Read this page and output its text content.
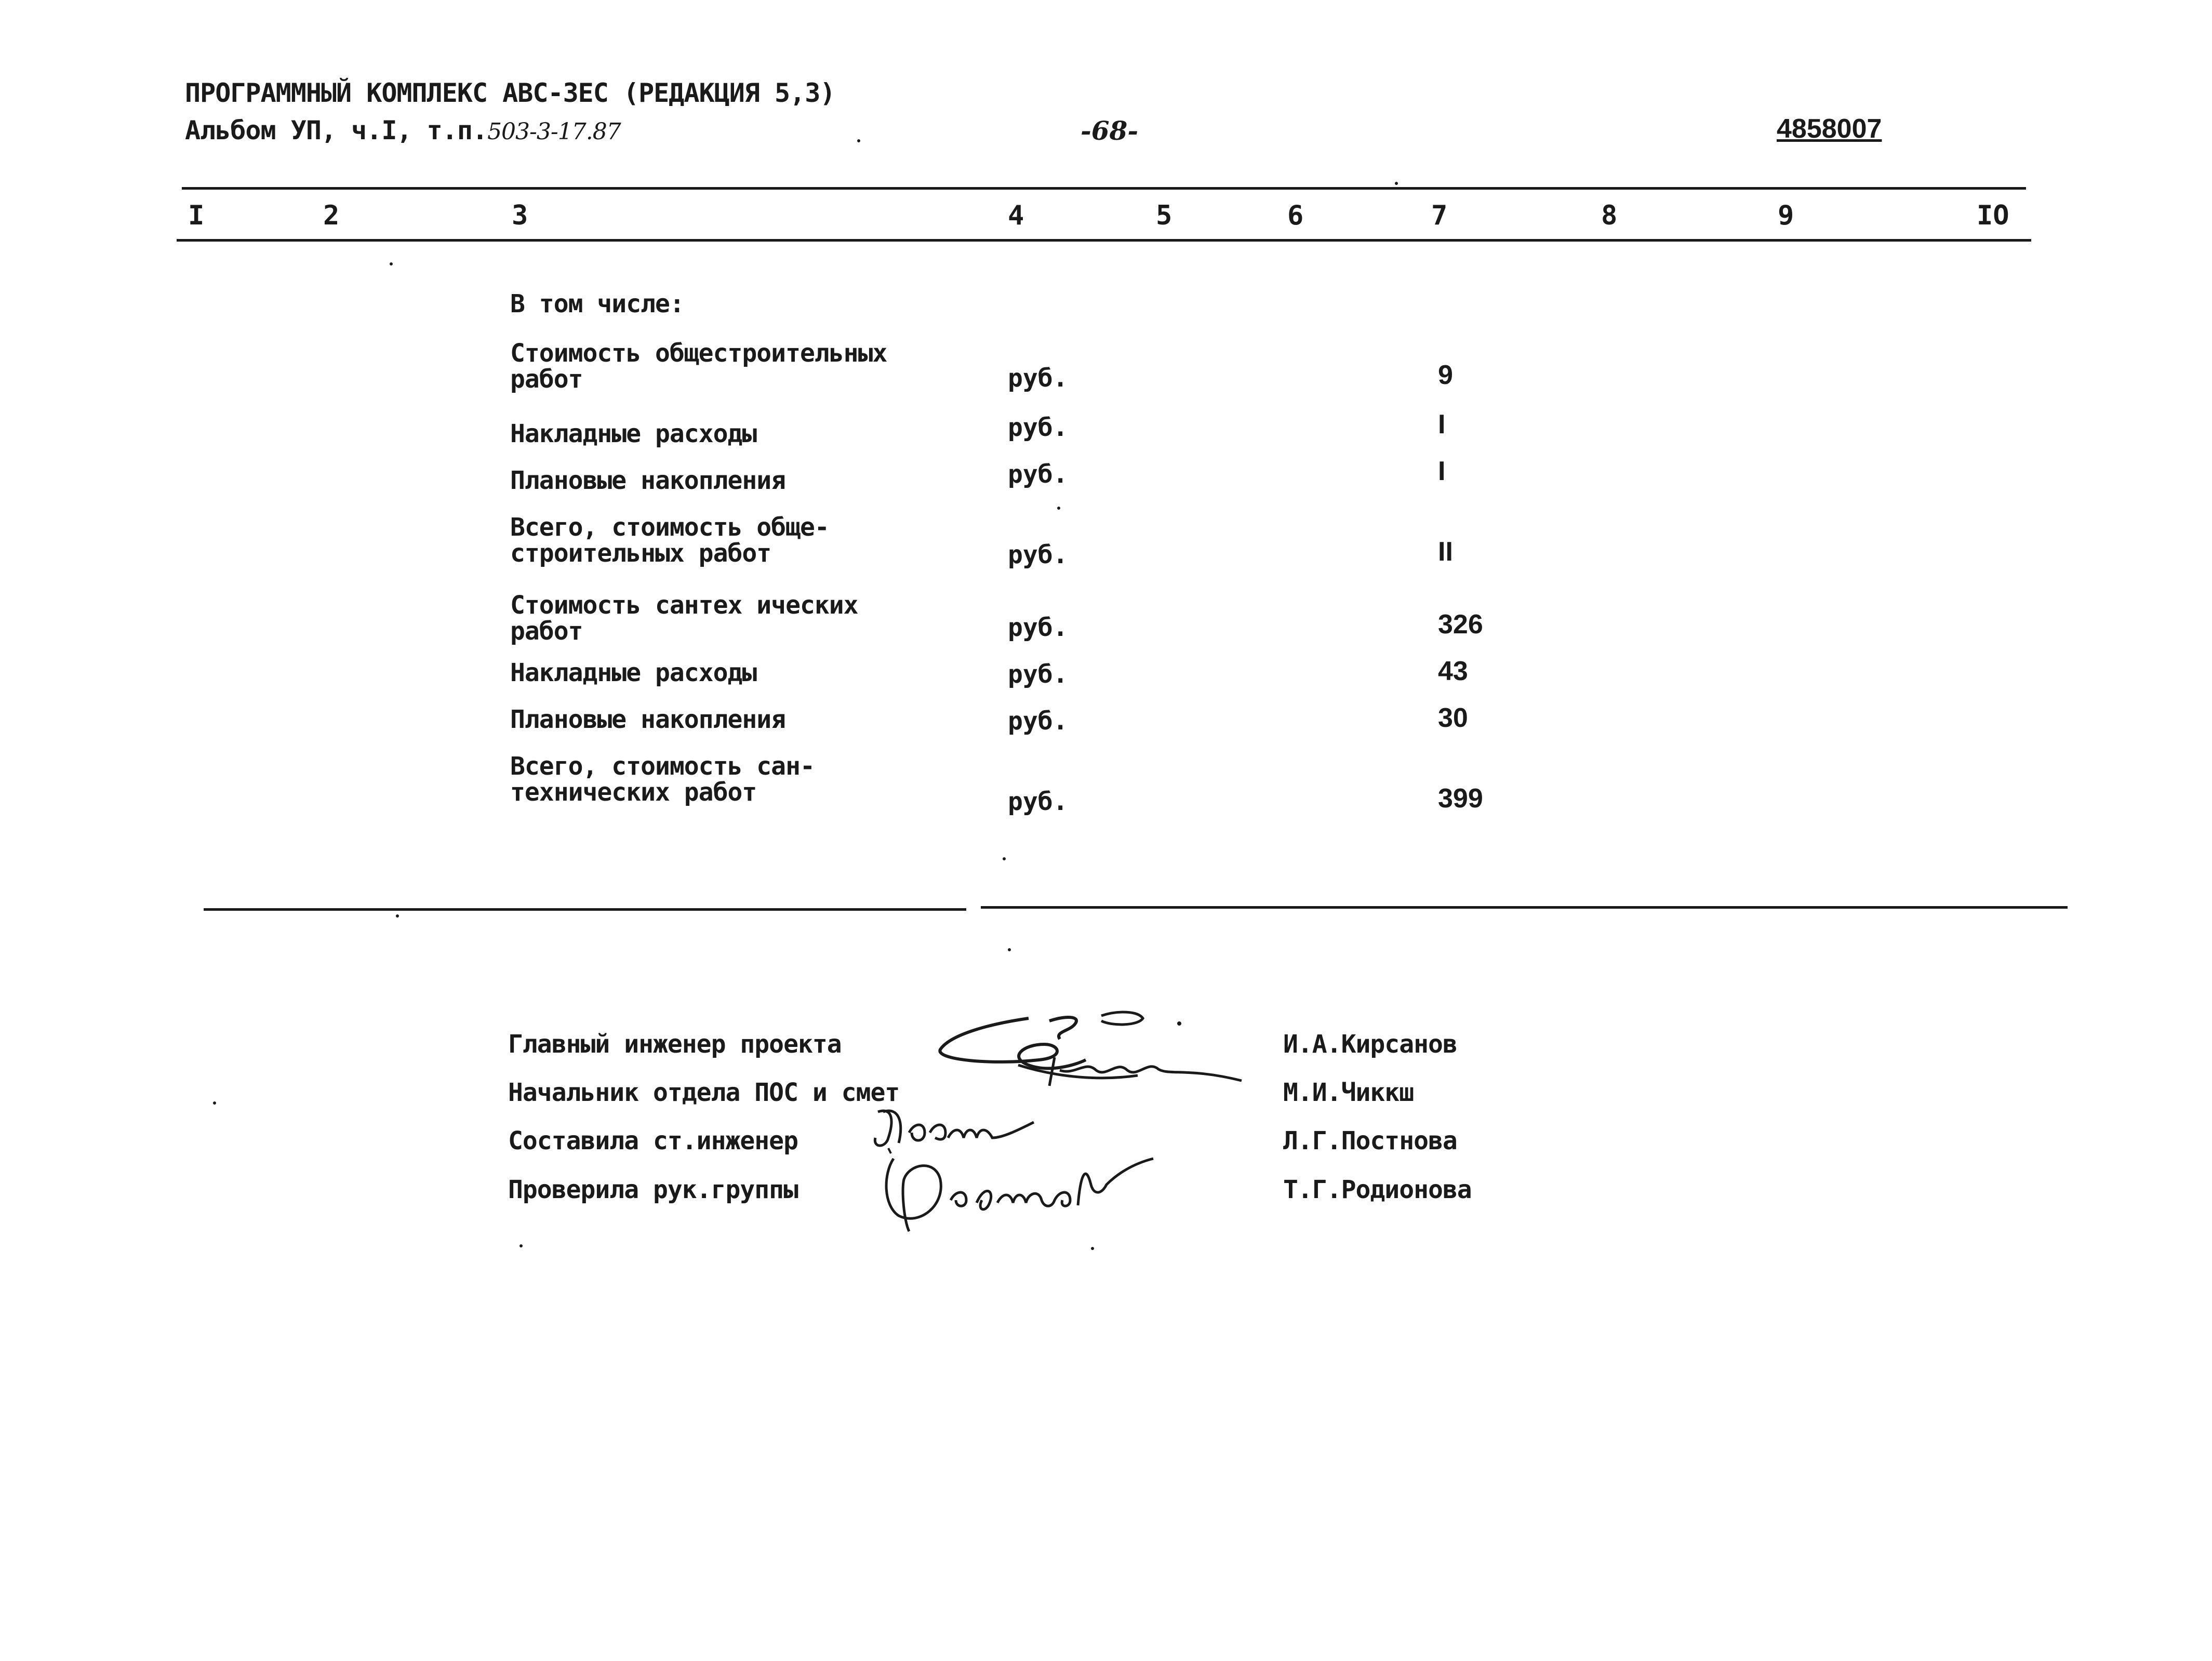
ПРОГРАММНЫЙ КОМПЛЕКС АВС-ЗЕС (РЕДАКЦИЯ 5,3)
Альбом УП, ч.I, т.п.503-3-17.87	-68-	4858007
I	2	3	4	5	6	7	8	9	IO
В том числе:
Стоимость общестроительных
работ	руб.	9
Накладные расходы	руб.	I
Плановые накопления	руб.	I
Всего, стоимость обще-
строительных работ	руб.	II
Стоимость сантех ических
работ	руб.	326
Накладные расходы	руб.	43
Плановые накопления	руб.	30
Всего, стоимость сан-
технических работ	руб.	399
Главный инженер проекта	И.А.Кирсанов
Начальник отдела ПОС и смет	М.И.Чиккш
Составила ст.инженер	Л.Г.Постнова
Проверила рук.группы	Т.Г.Родионова
